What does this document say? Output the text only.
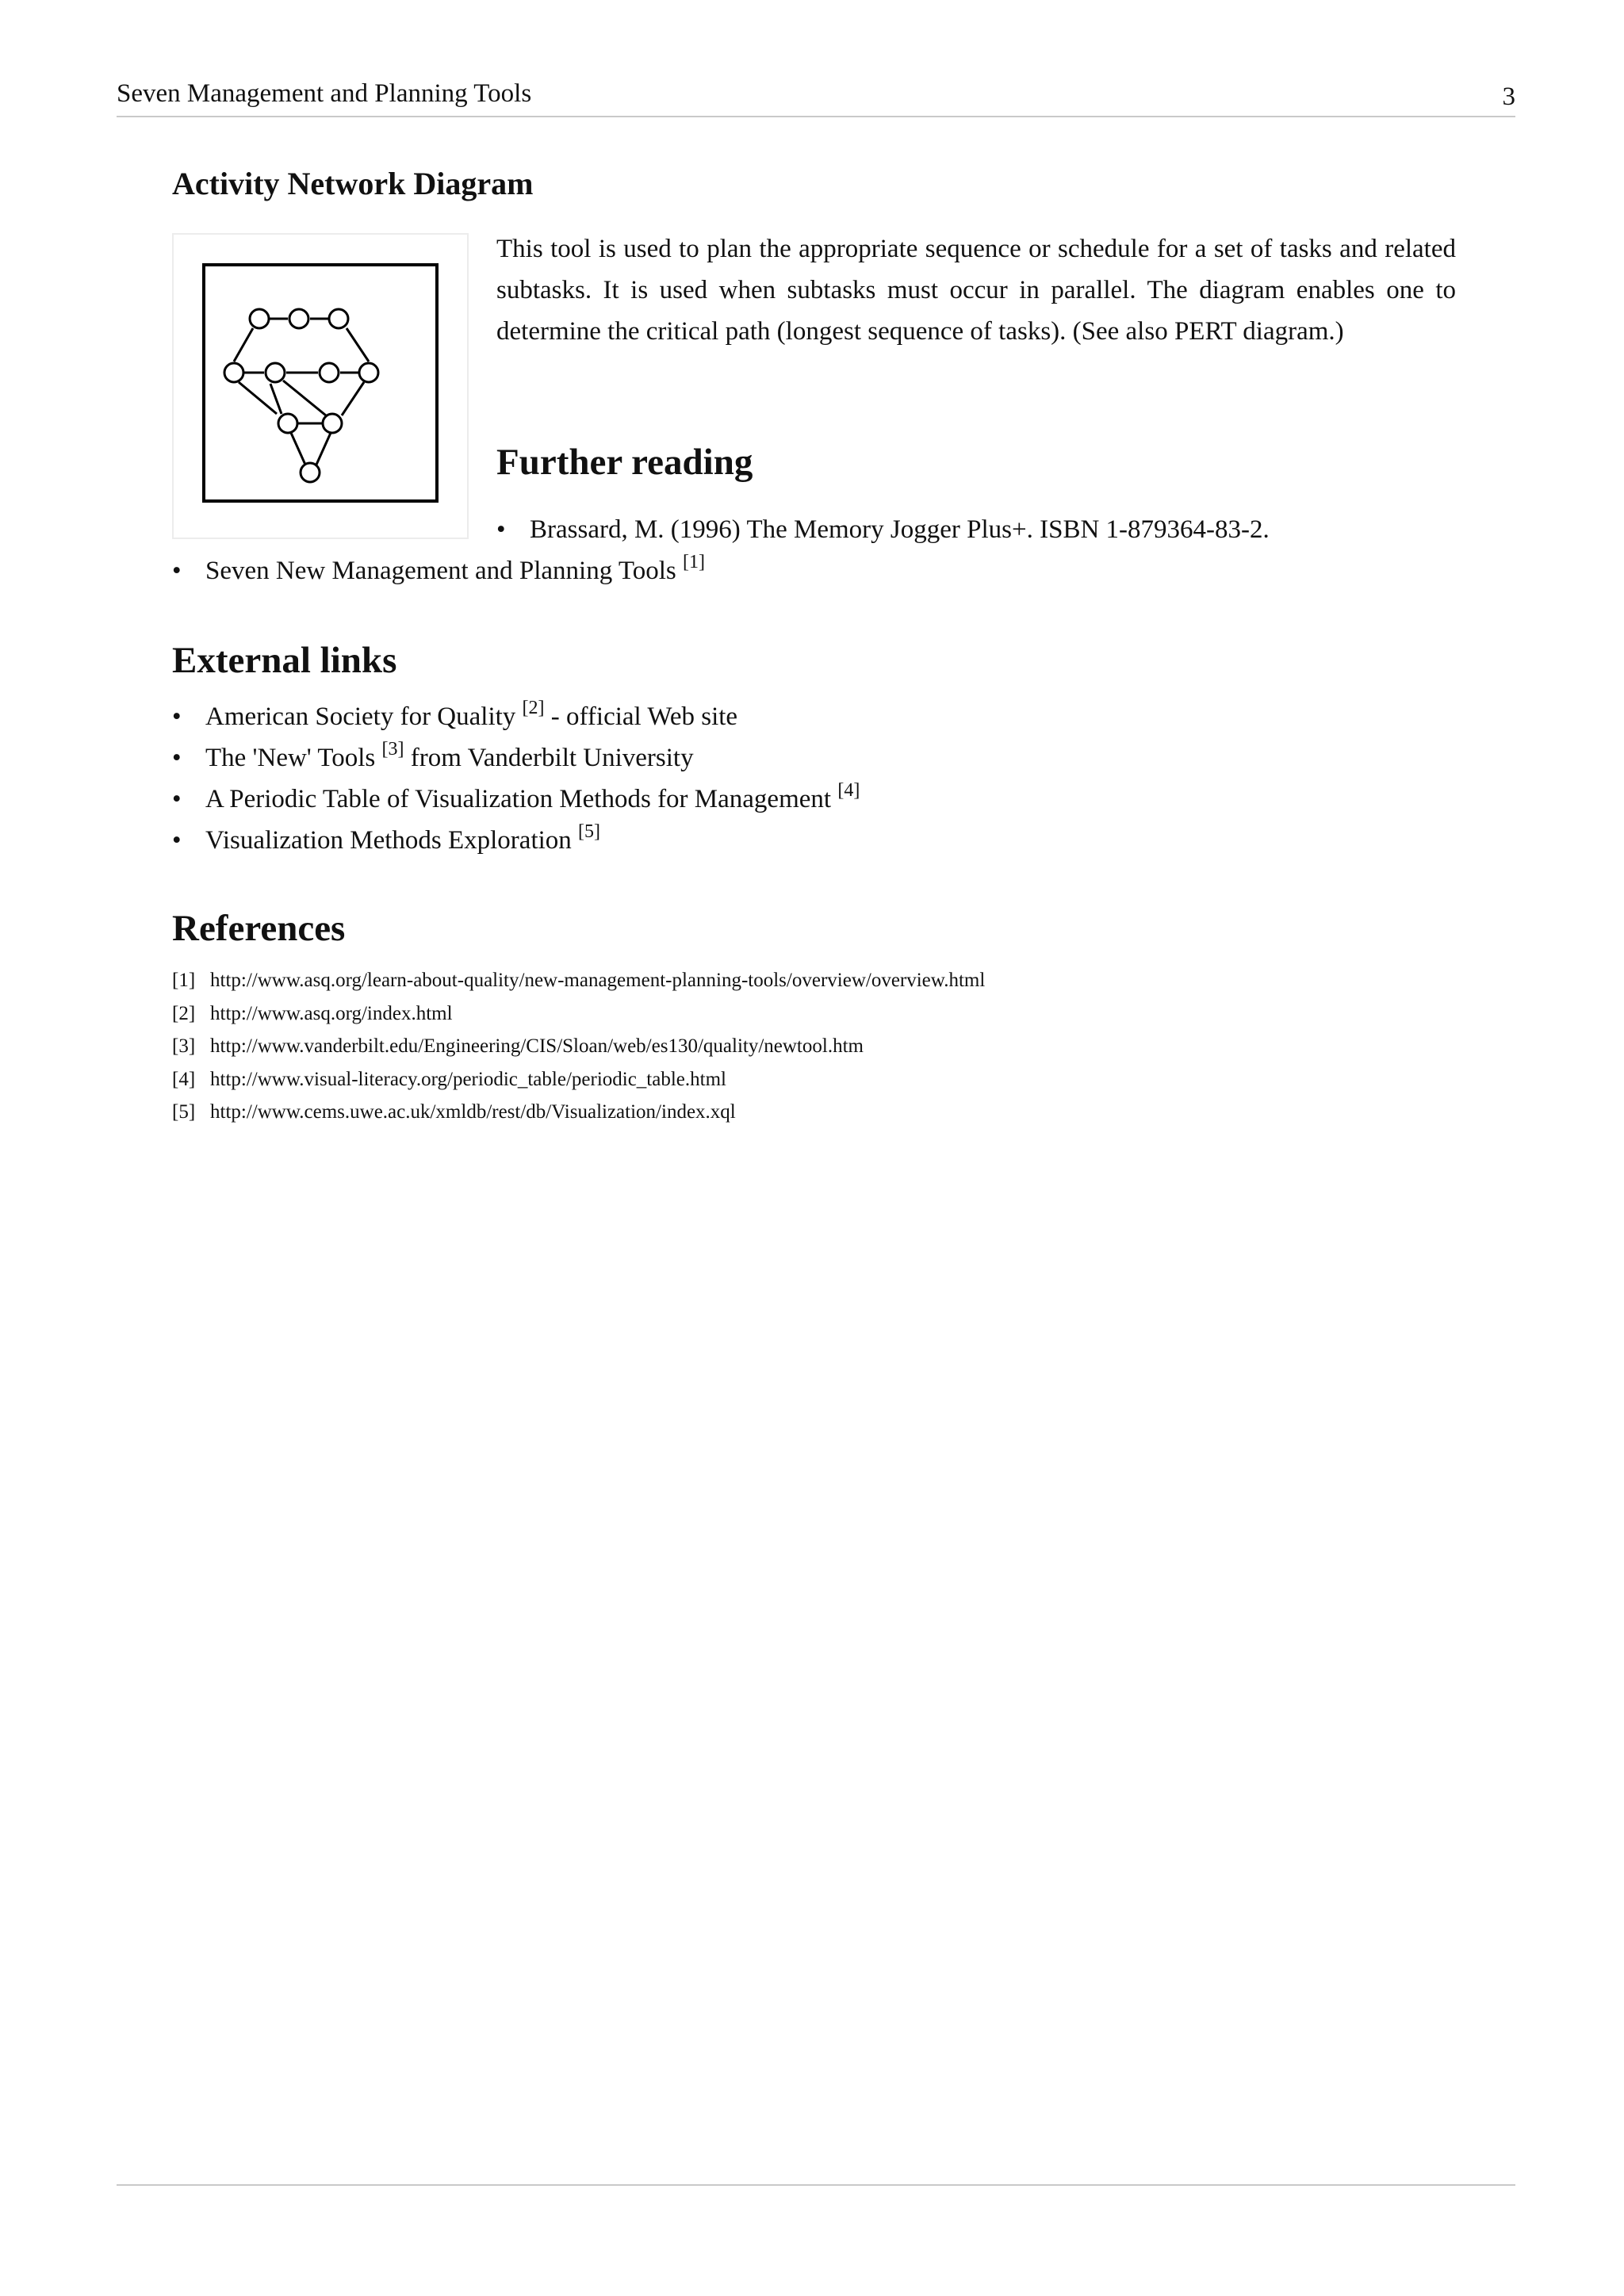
Seven Management and Planning Tools	3
Activity Network Diagram

This tool is used to plan the appropriate sequence or schedule for a set of tasks and related subtasks. It is used when subtasks must occur in parallel. The diagram enables one to determine the critical path (longest sequence of tasks). (See also PERT diagram.)

Further reading
• Brassard, M. (1996) The Memory Jogger Plus+. ISBN 1-879364-83-2.
• Seven New Management and Planning Tools [1]
External links
• American Society for Quality [2] - official Web site
• The 'New' Tools [3] from Vanderbilt University
• A Periodic Table of Visualization Methods for Management [4]
• Visualization Methods Exploration [5]
References
[1] http://www.asq.org/learn-about-quality/new-management-planning-tools/overview/overview.html
[2] http://www.asq.org/index.html
[3] http://www.vanderbilt.edu/Engineering/CIS/Sloan/web/es130/quality/newtool.htm
[4] http://www.visual-literacy.org/periodic_table/periodic_table.html
[5] http://www.cems.uwe.ac.uk/xmldb/rest/db/Visualization/index.xql
